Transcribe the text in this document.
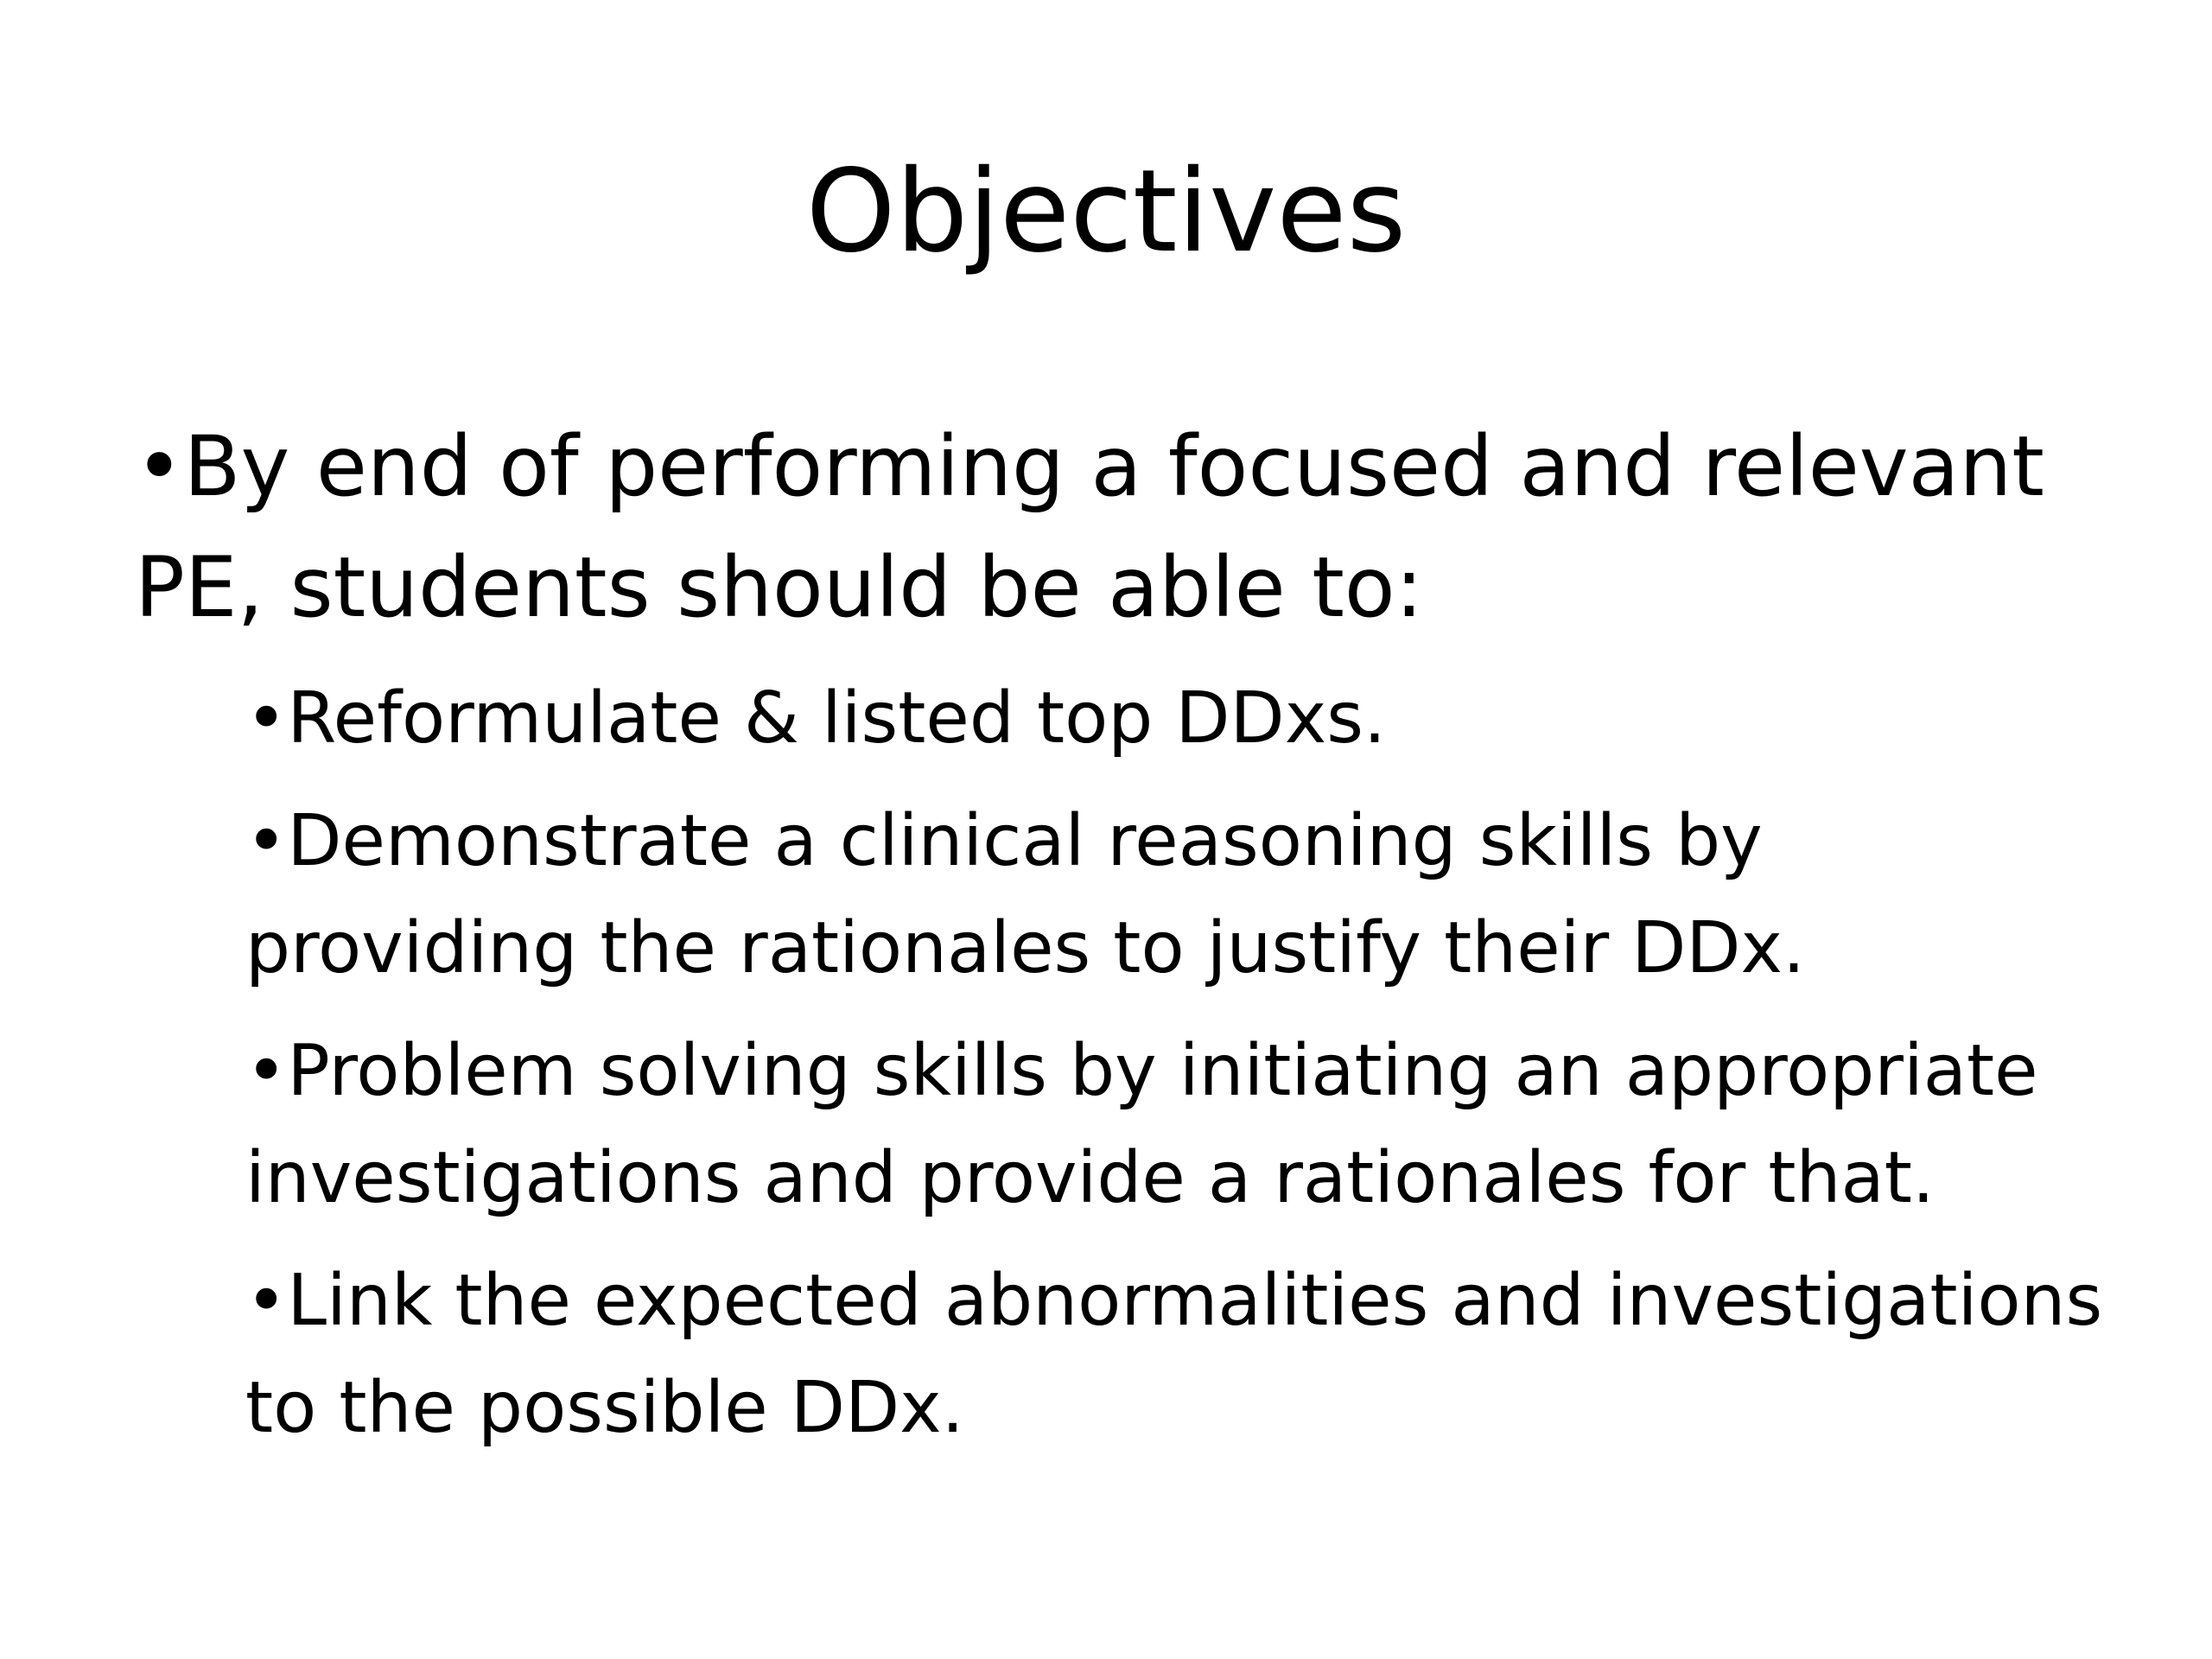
Objectives
•By end of performing a focused and relevant PE, students should be able to:
•Reformulate & listed top DDxs.
•Demonstrate a clinical reasoning skills by providing the rationales to justify their DDx.
•Problem solving skills by initiating an appropriate investigations and provide a rationales for that.
•Link the expected abnormalities and investigations to the possible DDx.
